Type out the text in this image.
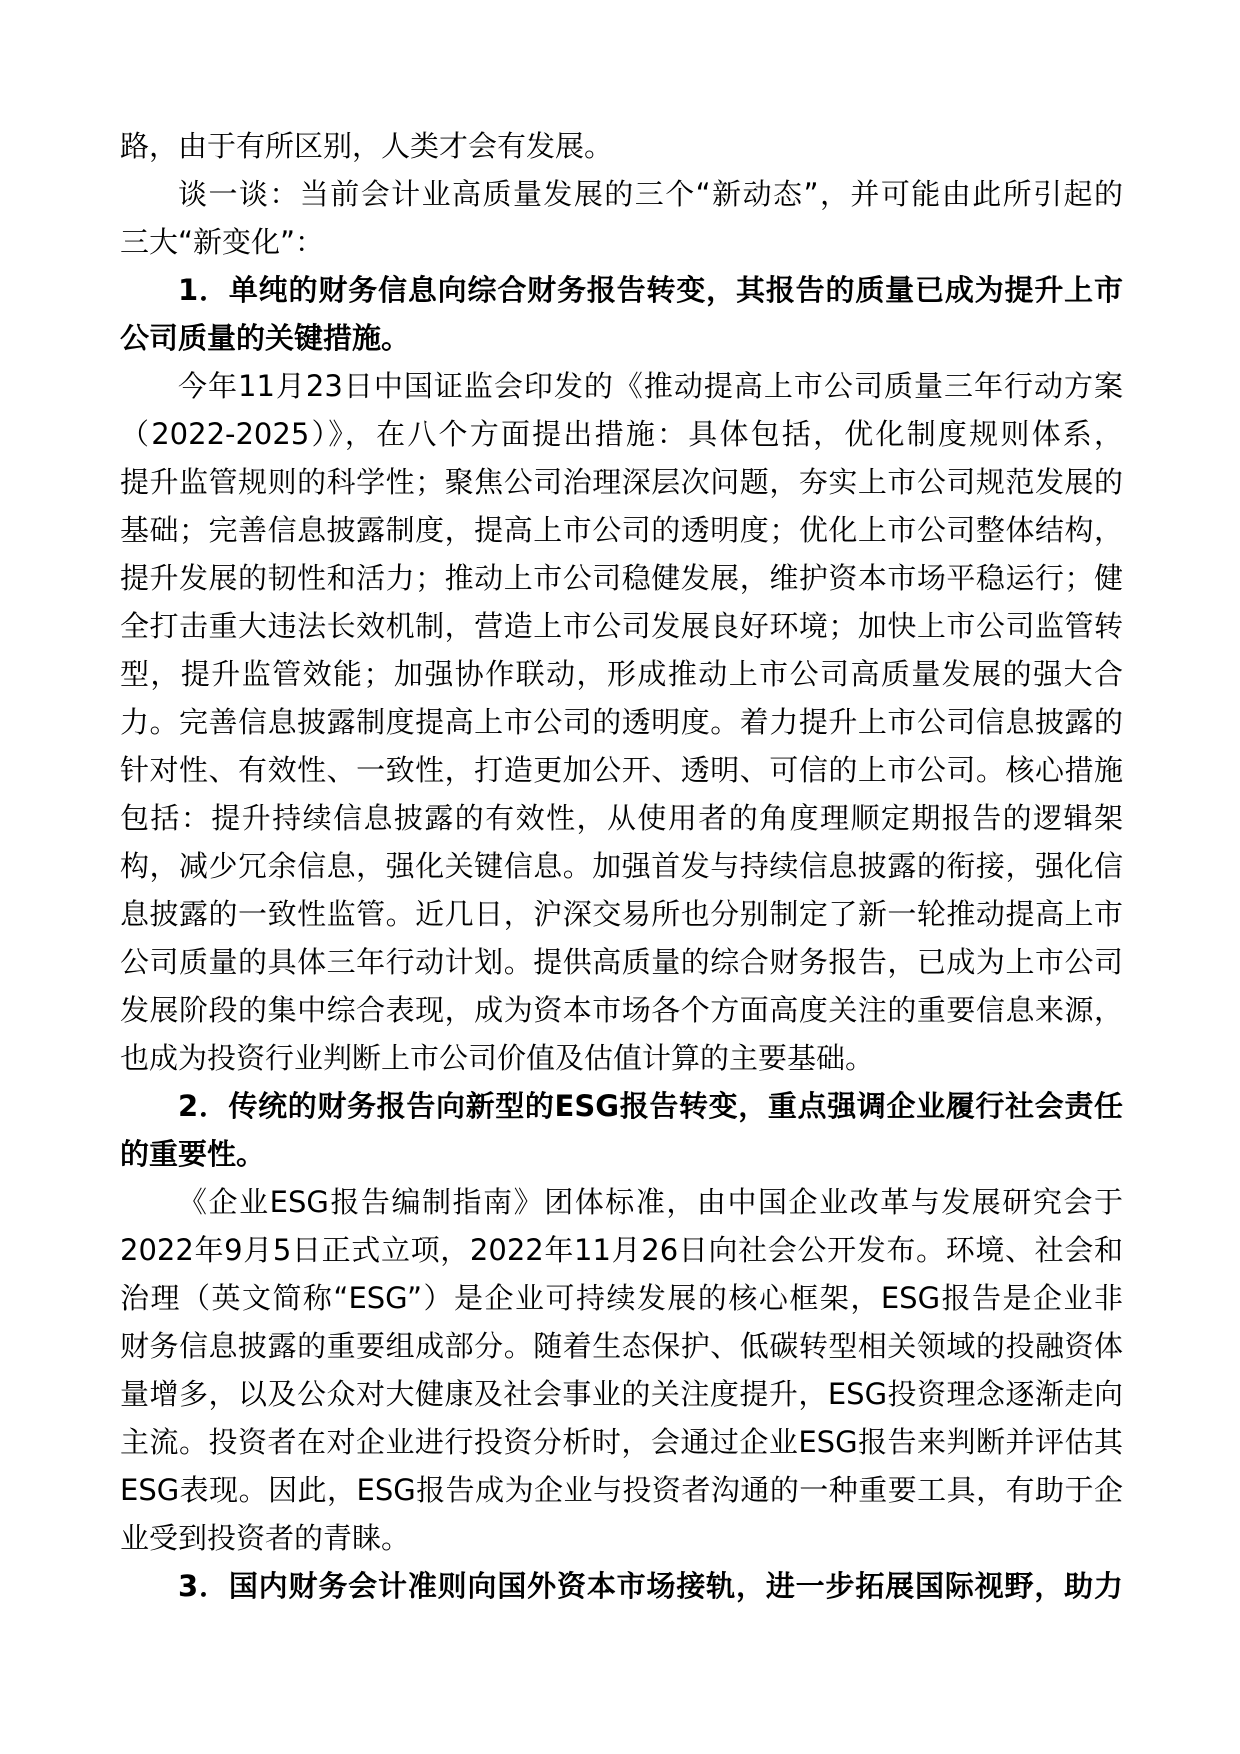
路，由于有所区别，人类才会有发展。
谈一谈：当前会计业高质量发展的三个“新动态”，并可能由此所引起的
三大“新变化”：
1．单纯的财务信息向综合财务报告转变，其报告的质量已成为提升上市
公司质量的关键措施。
今年11月23日中国证监会印发的《推动提高上市公司质量三年行动方案
（2022-2025）》，在八个方面提出措施：具体包括，优化制度规则体系，
提升监管规则的科学性；聚焦公司治理深层次问题，夯实上市公司规范发展的
基础；完善信息披露制度，提高上市公司的透明度；优化上市公司整体结构，
提升发展的韧性和活力；推动上市公司稳健发展，维护资本市场平稳运行；健
全打击重大违法长效机制，营造上市公司发展良好环境；加快上市公司监管转
型，提升监管效能；加强协作联动，形成推动上市公司高质量发展的强大合
力。完善信息披露制度提高上市公司的透明度。着力提升上市公司信息披露的
针对性、有效性、一致性，打造更加公开、透明、可信的上市公司。核心措施
包括：提升持续信息披露的有效性，从使用者的角度理顺定期报告的逻辑架
构，减少冗余信息，强化关键信息。加强首发与持续信息披露的衔接，强化信
息披露的一致性监管。近几日，沪深交易所也分别制定了新一轮推动提高上市
公司质量的具体三年行动计划。提供高质量的综合财务报告，已成为上市公司
发展阶段的集中综合表现，成为资本市场各个方面高度关注的重要信息来源，
也成为投资行业判断上市公司价值及估值计算的主要基础。
2．传统的财务报告向新型的ESG报告转变，重点强调企业履行社会责任
的重要性。
《企业ESG报告编制指南》团体标准，由中国企业改革与发展研究会于
2022年9月5日正式立项，2022年11月26日向社会公开发布。环境、社会和
治理（英文简称“ESG”）是企业可持续发展的核心框架，ESG报告是企业非
财务信息披露的重要组成部分。随着生态保护、低碳转型相关领域的投融资体
量增多，以及公众对大健康及社会事业的关注度提升，ESG投资理念逐渐走向
主流。投资者在对企业进行投资分析时，会通过企业ESG报告来判断并评估其
ESG表现。因此，ESG报告成为企业与投资者沟通的一种重要工具，有助于企
业受到投资者的青睐。
3．国内财务会计准则向国外资本市场接轨，进一步拓展国际视野，助力
